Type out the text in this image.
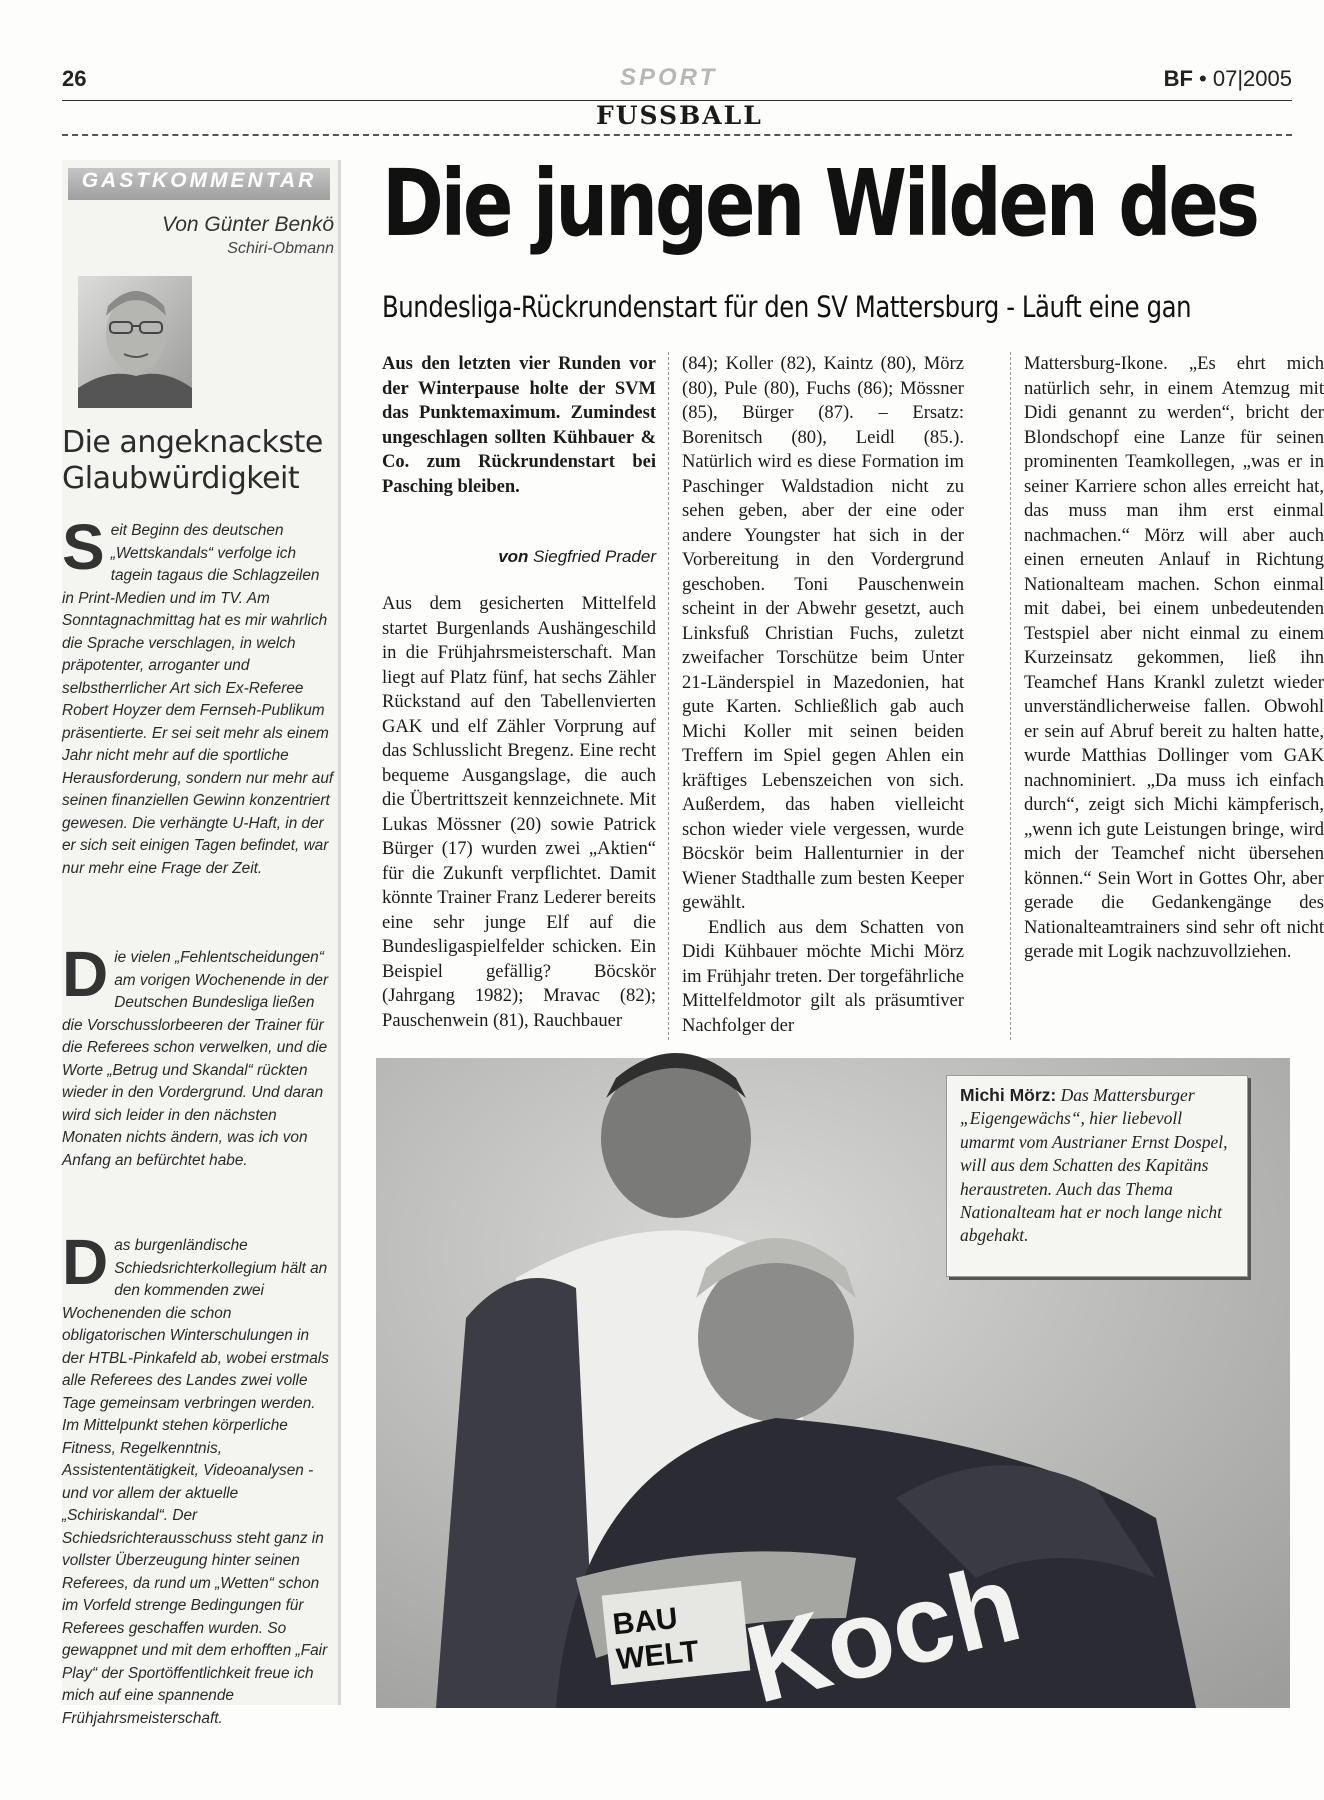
26	SPORT	BF • 07|2005
FUSSBALL
GASTKOMMENTAR
Von Günter Benkö
Schiri-Obmann
Die angeknackste Glaubwürdigkeit

Seit Beginn des deutschen „Wettskandals“ verfolge ich tagein tagaus die Schlagzeilen in Print-Medien und im TV. Am Sonntagnachmittag hat es mir wahrlich die Sprache verschlagen, in welch präpotenter, arroganter und selbstherrlicher Art sich Ex-Referee Robert Hoyzer dem Fernseh-Publikum präsentierte. Er sei seit mehr als einem Jahr nicht mehr auf die sportliche Herausforderung, sondern nur mehr auf seinen finanziellen Gewinn konzentriert gewesen. Die verhängte U-Haft, in der er sich seit einigen Tagen befindet, war nur mehr eine Frage der Zeit.

Die vielen „Fehlentscheidungen“ am vorigen Wochenende in der Deutschen Bundesliga ließen die Vorschusslorbeeren der Trainer für die Referees schon verwelken, und die Worte „Betrug und Skandal“ rückten wieder in den Vordergrund. Und daran wird sich leider in den nächsten Monaten nichts ändern, was ich von Anfang an befürchtet habe.

Das burgenländische Schiedsrichterkollegium hält an den kommenden zwei Wochenenden die schon obligatorischen Winterschulungen in der HTBL-Pinkafeld ab, wobei erstmals alle Referees des Landes zwei volle Tage gemeinsam verbringen werden. Im Mittelpunkt stehen körperliche Fitness, Regelkenntnis, Assistententätigkeit, Videoanalysen - und vor allem der aktuelle „Schiriskandal“. Der Schiedsrichterausschuss steht ganz in vollster Überzeugung hinter seinen Referees, da rund um „Wetten“ schon im Vorfeld strenge Bedingungen für Referees geschaffen wurden. So gewappnet und mit dem erhofften „Fair Play“ der Sportöffentlichkeit freue ich mich auf eine spannende Frühjahrsmeisterschaft.

Die jungen Wilden des
Bundesliga-Rückrundenstart für den SV Mattersburg - Läuft eine gan
Aus den letzten vier Runden vor der Winterpause holte der SVM das Punktemaximum. Zumindest ungeschlagen sollten Kühbauer & Co. zum Rückrundenstart bei Pasching bleiben.
von Siegfried Prader

Aus dem gesicherten Mittelfeld startet Burgenlands Aushängeschild in die Frühjahrsmeisterschaft. Man liegt auf Platz fünf, hat sechs Zähler Rückstand auf den Tabellenvierten GAK und elf Zähler Vorprung auf das Schlusslicht Bregenz. Eine recht bequeme Ausgangslage, die auch die Übertrittszeit kennzeichnete. Mit Lukas Mössner (20) sowie Patrick Bürger (17) wurden zwei „Aktien“ für die Zukunft verpflichtet. Damit könnte Trainer Franz Lederer bereits eine sehr junge Elf auf die Bundesligaspielfelder schicken. Ein Beispiel gefällig? Böcskör (Jahrgang 1982); Mravac (82); Pauschenwein (81), Rauchbauer

(84); Koller (82), Kaintz (80), Mörz (80), Pule (80), Fuchs (86); Mössner (85), Bürger (87). – Ersatz: Borenitsch (80), Leidl (85.). Natürlich wird es diese Formation im Paschinger Waldstadion nicht zu sehen geben, aber der eine oder andere Youngster hat sich in der Vorbereitung in den Vordergrund geschoben. Toni Pauschenwein scheint in der Abwehr gesetzt, auch Linksfuß Christian Fuchs, zuletzt zweifacher Torschütze beim Unter 21-Länderspiel in Mazedonien, hat gute Karten. Schließlich gab auch Michi Koller mit seinen beiden Treffern im Spiel gegen Ahlen ein kräftiges Lebenszeichen von sich. Außerdem, das haben vielleicht schon wieder viele vergessen, wurde Böcskör beim Hallenturnier in der Wiener Stadthalle zum besten Keeper gewählt.

Endlich aus dem Schatten von Didi Kühbauer möchte Michi Mörz im Frühjahr treten. Der torgefährliche Mittelfeldmotor gilt als präsumtiver Nachfolger der

Mattersburg-Ikone. „Es ehrt mich natürlich sehr, in einem Atemzug mit Didi genannt zu werden“, bricht der Blondschopf eine Lanze für seinen prominenten Teamkollegen, „was er in seiner Karriere schon alles erreicht hat, das muss man ihm erst einmal nachmachen.“ Mörz will aber auch einen erneuten Anlauf in Richtung Nationalteam machen. Schon einmal mit dabei, bei einem unbedeutenden Testspiel aber nicht einmal zu einem Kurzeinsatz gekommen, ließ ihn Teamchef Hans Krankl zuletzt wieder unverständlicherweise fallen. Obwohl er sein auf Abruf bereit zu halten hatte, wurde Matthias Dollinger vom GAK nachnominiert. „Da muss ich einfach durch“, zeigt sich Michi kämpferisch, „wenn ich gute Leistungen bringe, wird mich der Teamchef nicht übersehen können.“ Sein Wort in Gottes Ohr, aber gerade die Gedankengänge des Nationalteamtrainers sind sehr oft nicht gerade mit Logik nachzuvollziehen.

BAU
WELT Koch
Michi Mörz: Das Mattersburger „Eigengewächs“, hier liebevoll umarmt vom Austrianer Ernst Dospel, will aus dem Schatten des Kapitäns heraustreten. Auch das Thema Nationalteam hat er noch lange nicht abgehakt.
